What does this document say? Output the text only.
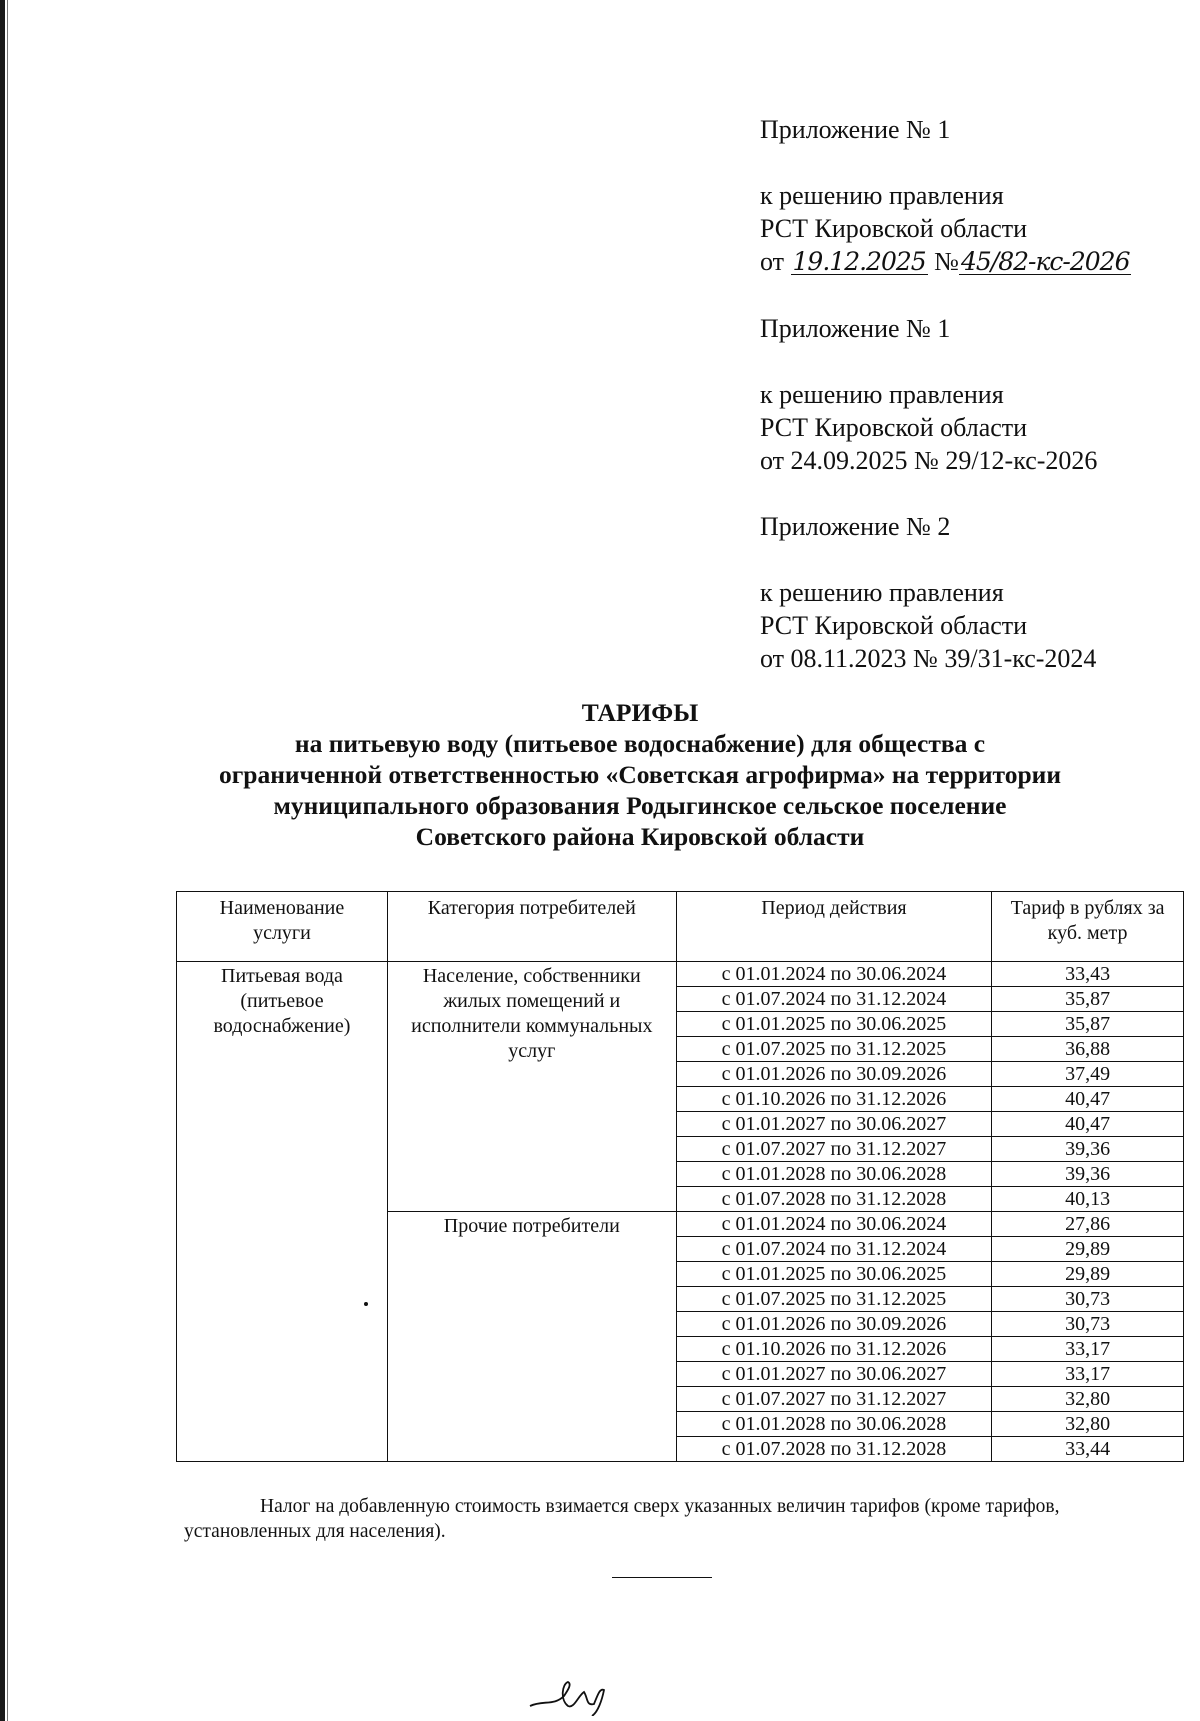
Приложение № 1
к решению правления
РСТ Кировской области
от 19.12.2025 №45/82-кс-2026
Приложение № 1
к решению правления
РСТ Кировской области
от 24.09.2025 № 29/12-кс-2026
Приложение № 2
к решению правления
РСТ Кировской области
от 08.11.2023 № 39/31-кс-2024
ТАРИФЫ
на питьевую воду (питьевое водоснабжение) для общества с
ограниченной ответственностью «Советская агрофирма» на территории
муниципального образования Родыгинское сельское поселение
Советского района Кировской области
Наименование услуги	Категория потребителей	Период действия	Тариф в рублях за куб. метр
Питьевая вода (питьевое водоснабжение)	Население, собственники жилых помещений и исполнители коммунальных услуг	с 01.01.2024 по 30.06.2024	33,43
		с 01.07.2024 по 31.12.2024	35,87
		с 01.01.2025 по 30.06.2025	35,87
		с 01.07.2025 по 31.12.2025	36,88
		с 01.01.2026 по 30.09.2026	37,49
		с 01.10.2026 по 31.12.2026	40,47
		с 01.01.2027 по 30.06.2027	40,47
		с 01.07.2027 по 31.12.2027	39,36
		с 01.01.2028 по 30.06.2028	39,36
		с 01.07.2028 по 31.12.2028	40,13
	Прочие потребители	с 01.01.2024 по 30.06.2024	27,86
		с 01.07.2024 по 31.12.2024	29,89
		с 01.01.2025 по 30.06.2025	29,89
		с 01.07.2025 по 31.12.2025	30,73
		с 01.01.2026 по 30.09.2026	30,73
		с 01.10.2026 по 31.12.2026	33,17
		с 01.01.2027 по 30.06.2027	33,17
		с 01.07.2027 по 31.12.2027	32,80
		с 01.01.2028 по 30.06.2028	32,80
		с 01.07.2028 по 31.12.2028	33,44
Налог на добавленную стоимость взимается сверх указанных величин тарифов (кроме тарифов, установленных для населения).
